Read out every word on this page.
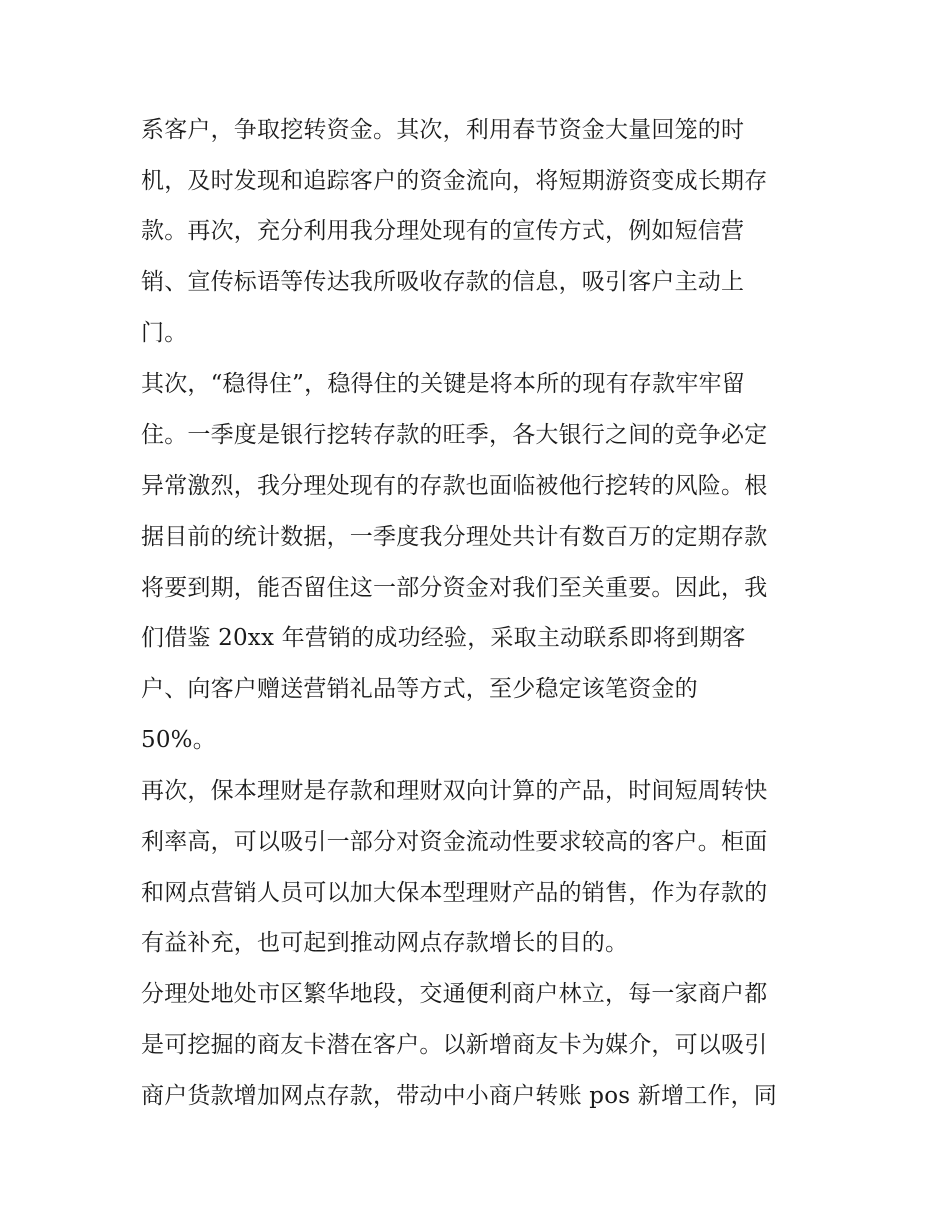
系客户，争取挖转资金。其次，利用春节资金大量回笼的时
机，及时发现和追踪客户的资金流向，将短期游资变成长期存
款。再次，充分利用我分理处现有的宣传方式，例如短信营
销、宣传标语等传达我所吸收存款的信息，吸引客户主动上
门。
其次，“稳得住”，稳得住的关键是将本所的现有存款牢牢留
住。一季度是银行挖转存款的旺季，各大银行之间的竞争必定
异常激烈，我分理处现有的存款也面临被他行挖转的风险。根
据目前的统计数据，一季度我分理处共计有数百万的定期存款
将要到期，能否留住这一部分资金对我们至关重要。因此，我
们借鉴 20xx 年营销的成功经验，采取主动联系即将到期客
户、向客户赠送营销礼品等方式，至少稳定该笔资金的
50%。
再次，保本理财是存款和理财双向计算的产品，时间短周转快
利率高，可以吸引一部分对资金流动性要求较高的客户。柜面
和网点营销人员可以加大保本型理财产品的销售，作为存款的
有益补充，也可起到推动网点存款增长的目的。
分理处地处市区繁华地段，交通便利商户林立，每一家商户都
是可挖掘的商友卡潜在客户。以新增商友卡为媒介，可以吸引
商户货款增加网点存款，带动中小商户转账 pos 新增工作，同
